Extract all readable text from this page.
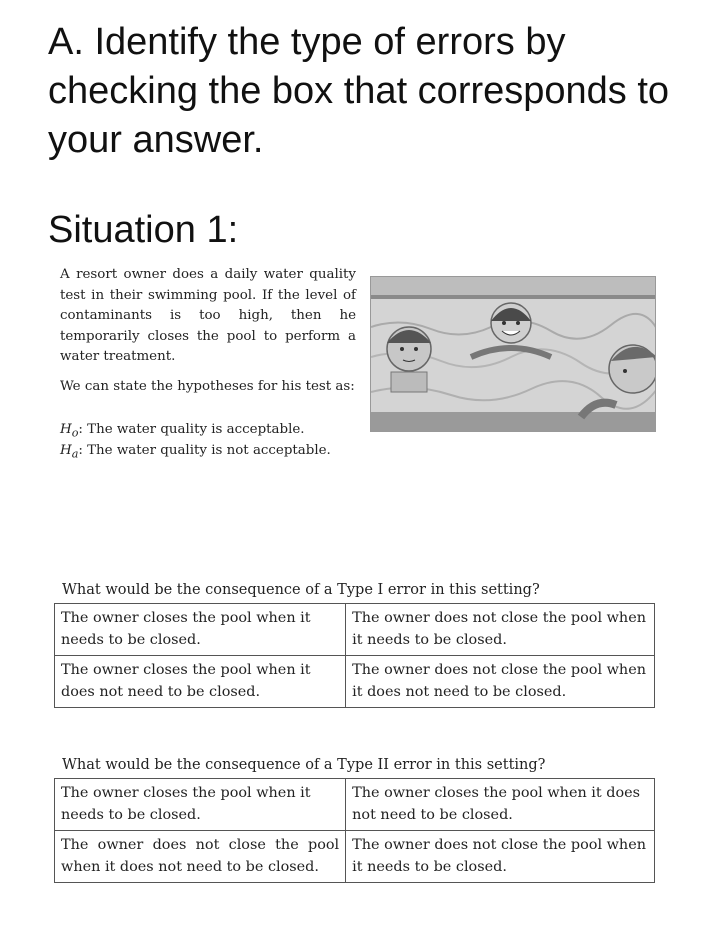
A. Identify the type of errors by checking the box that corresponds to your answer.
Situation 1:

A resort owner does a daily water quality test in their swimming pool. If the level of contaminants is too high, then he temporarily closes the pool to perform a water treatment.

We can state the hypotheses for his test as:

$H_o$: The water quality is acceptable.

$H_a$: The water quality is not acceptable.

What would be the consequence of a Type I error in this setting?

The owner closes the pool when it needs to be closed.	The owner does not close the pool when it needs to be closed.
The owner closes the pool when it does not need to be closed.	The owner does not close the pool when it does not need to be closed.

What would be the consequence of a Type II error in this setting?

The owner closes the pool when it needs to be closed.	The owner closes the pool when it does not need to be closed.
The owner does not close the pool when it does not need to be closed.	The owner does not close the pool when it needs to be closed.
